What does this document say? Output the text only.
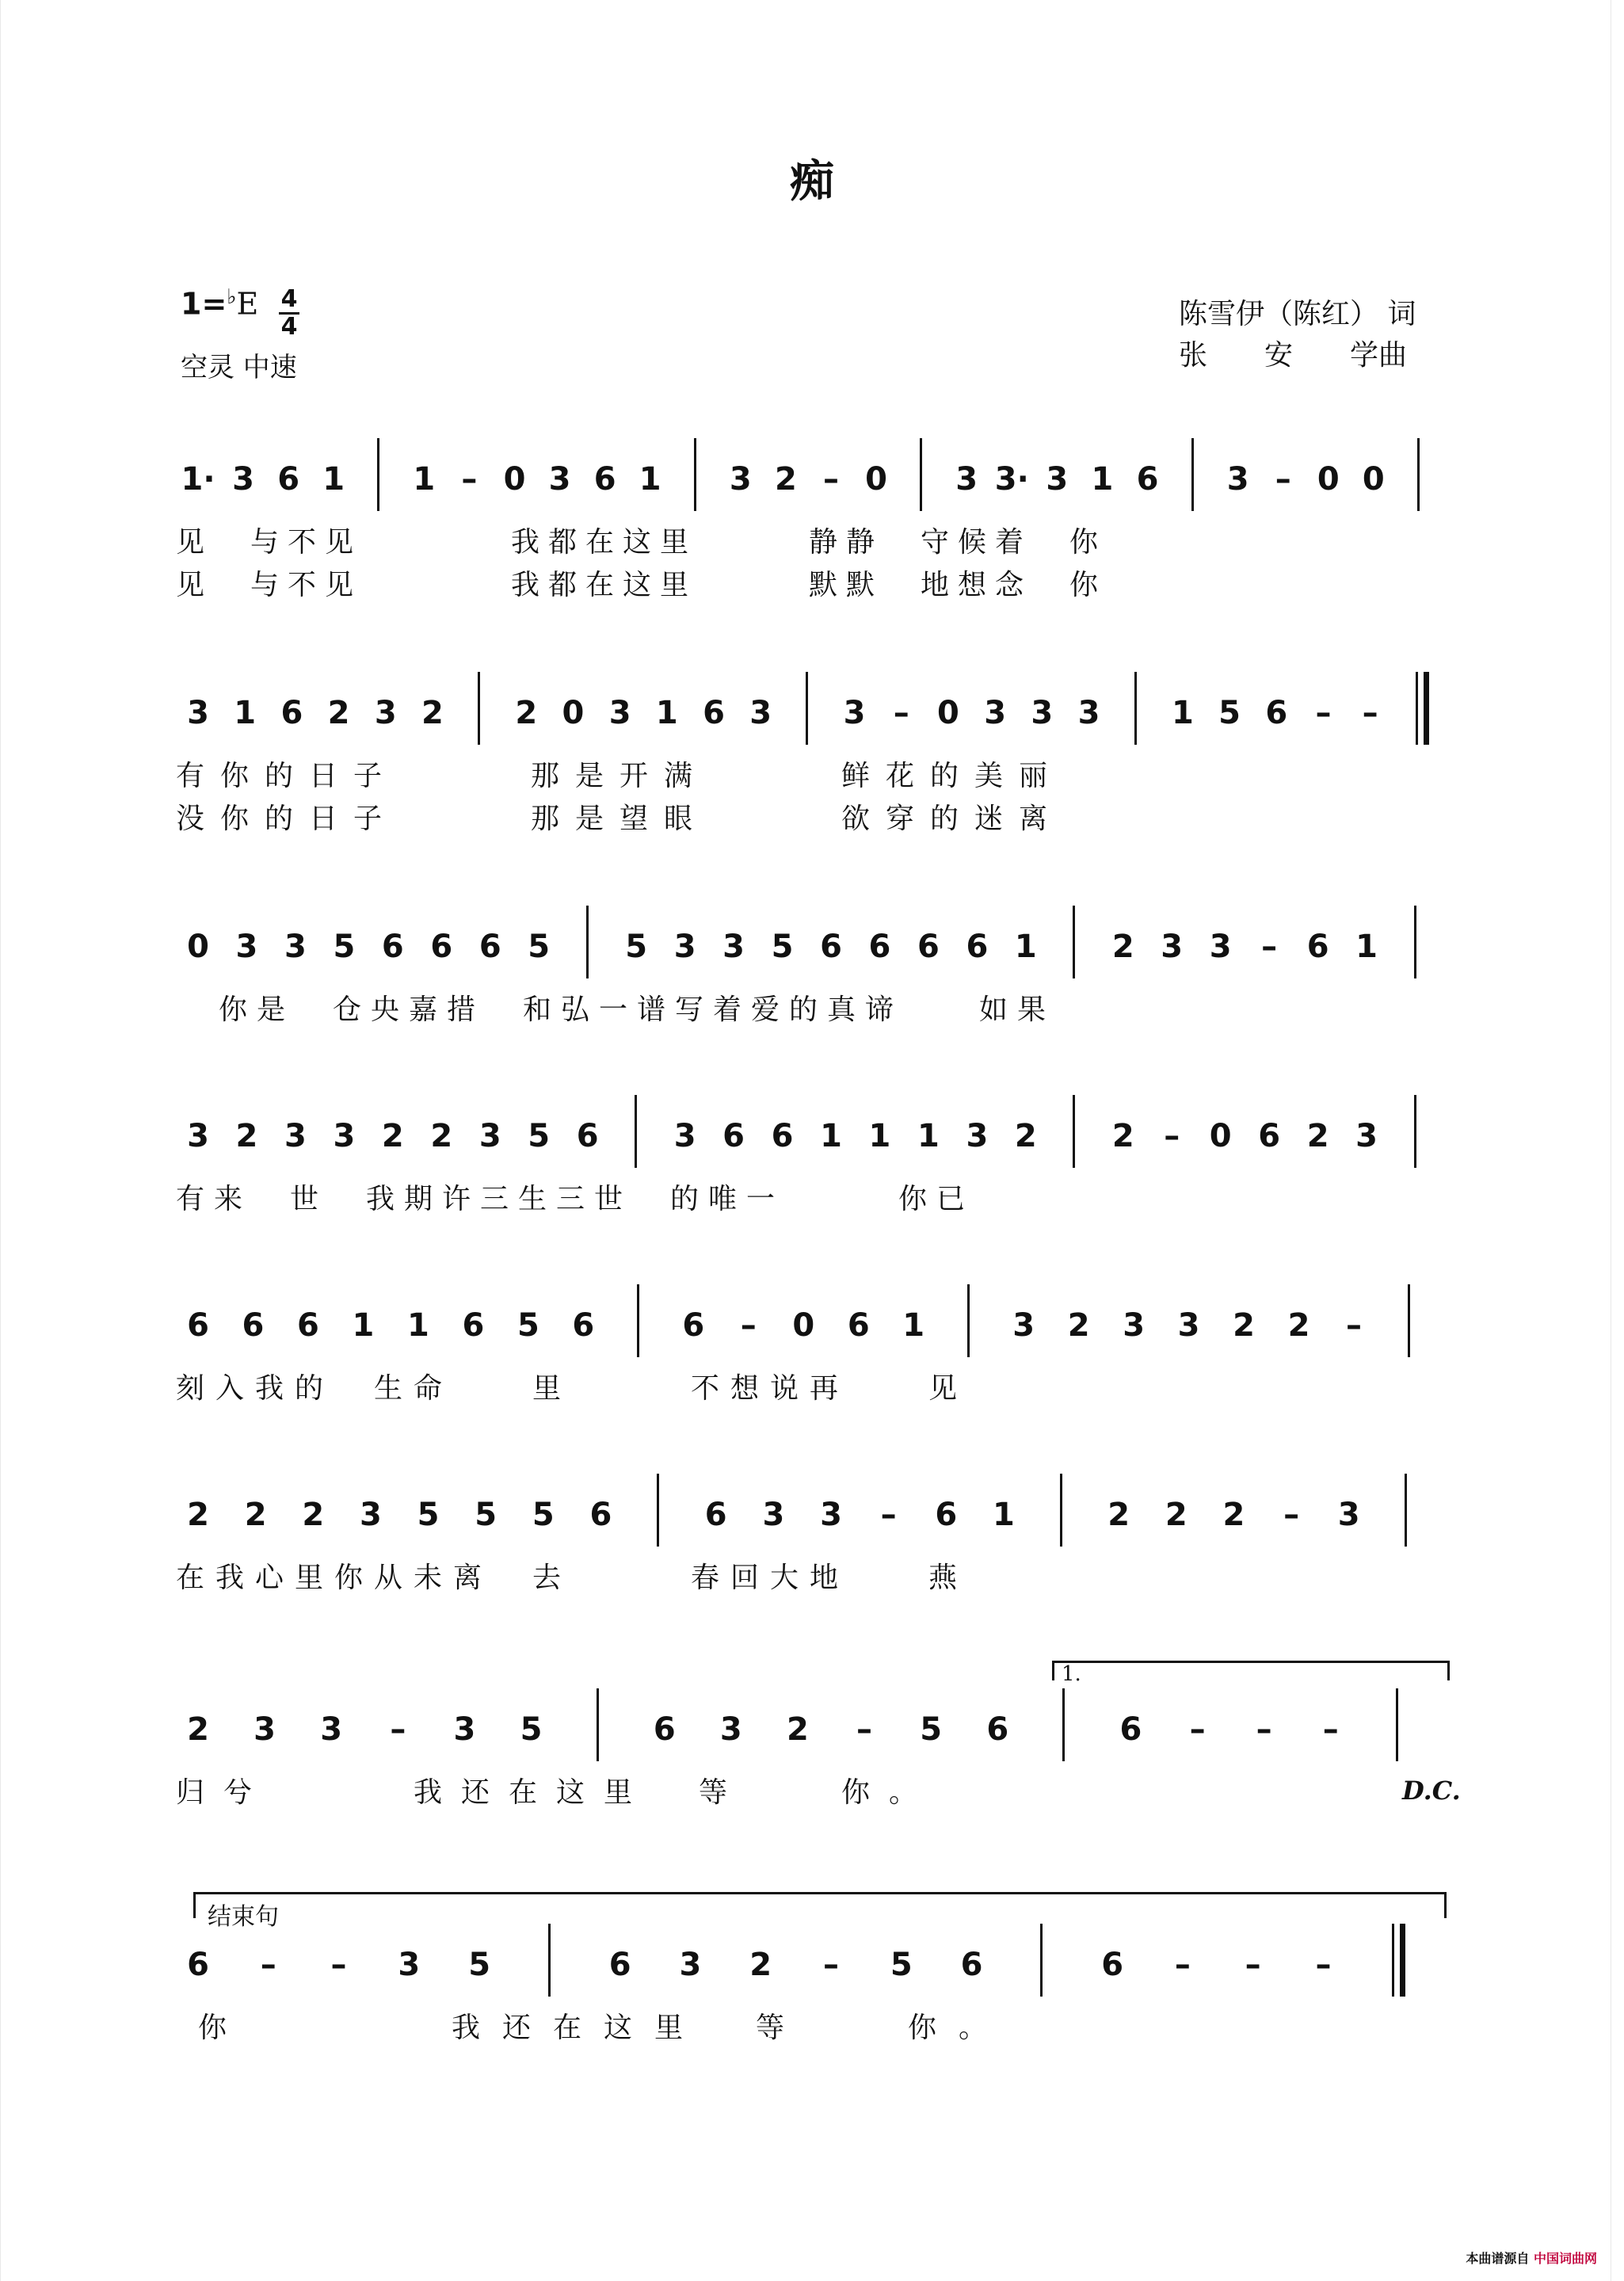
痴
1=♭E 4
4
空灵 中速
陈雪伊（陈红） 词
张　　安　　学曲
1· 3 6 1 1 – 0 3 6 1 3 2 – 0 3 3· 3 1 6 3 – 0 0
见　与不见　　　　我都在这里　　　静静　守候着　你
见　与不见　　　　我都在这里　　　默默　地想念　你
3 1 6 2 3 2 2 0 3 1 6 3 3 – 0 3 3 3 1 5 6 – –
有你的日子　　　那是开满　　　鲜花的美丽
没你的日子　　　那是望眼　　　欲穿的迷离
0 3 3 5 6 6 6 5 5 3 3 5 6 6 6 6 1 2 3 3 – 6 1
你是　仓央嘉措　和弘一谱写着爱的真谛　　如果
3 2 3 3 2 2 3 5 6 3 6 6 1 1 1 3 2 2 – 0 6 2 3
有来　世　我期许三生三世　的唯一　　　你已
6 6 6 1 1 6 5 6	6	–	0 6 1	3 2 3 3 2 2	–
刻入我的　生命　　里　　　不想说再　　见
2 2 2 3 5 5 5 6	6 3 3	–	6 1	2 2 2	–	3
在我心里你从未离　去　　　春回大地　　燕
1.
2 3 3	–	3 5	6 3 2	–	5 6	6	–	–	–
归兮　　　我还在这里　等　　你。	D.C.
结束句
6	–	–	3 5	6 3 2	–	5 6	6	–	–	–
你　　　　我还在这里　等　　你。
本曲谱源自 中国词曲网
